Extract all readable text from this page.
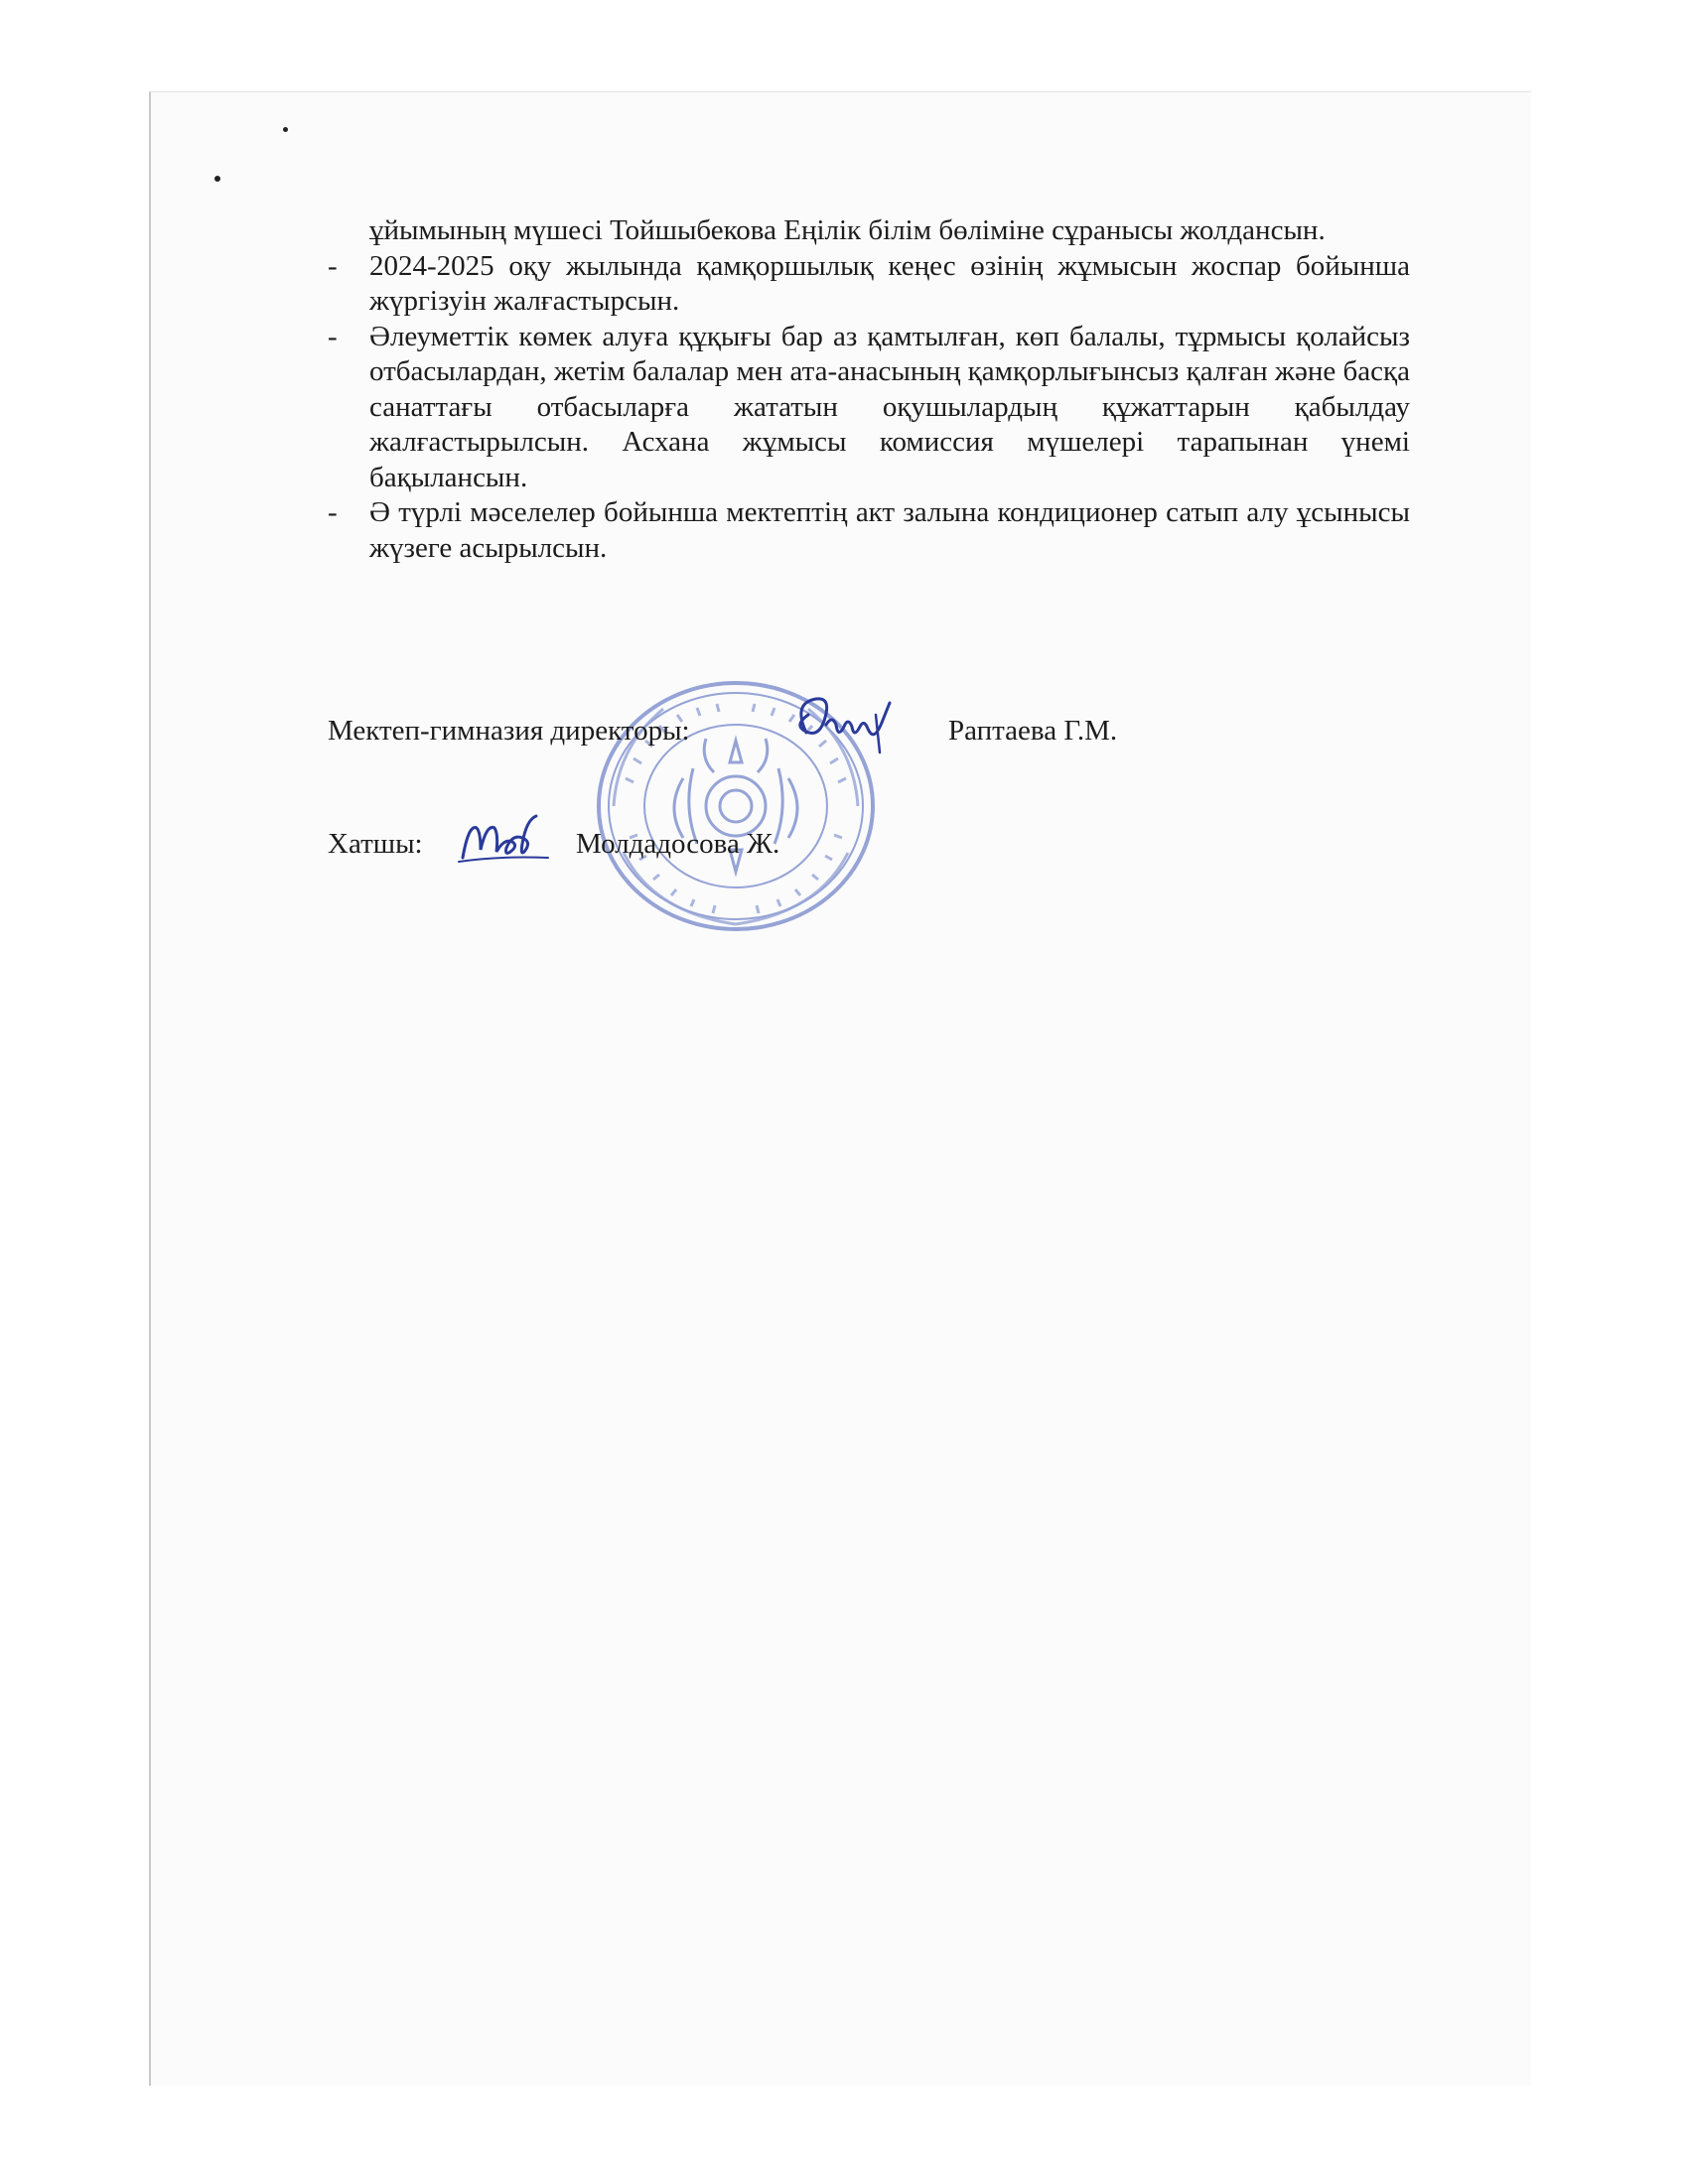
ұйымының мүшесі Тойшыбекова Еңілік білім бөліміне сұранысы жолдансын.

- 2024-2025 оқу жылында қамқоршылық кеңес өзінің жұмысын жоспар бойынша жүргізуін жалғастырсын.

- Әлеуметтік көмек алуға құқығы бар аз қамтылған, көп балалы, тұрмысы қолайсыз отбасылардан, жетім балалар мен ата-анасының қамқорлығынсыз қалған және басқа санаттағы отбасыларға жататын оқушылардың құжаттарын қабылдау жалғастырылсын. Асхана жұмысы комиссия мүшелері тарапынан үнемі бақылансын.

- Ә түрлі мәселелер бойынша мектептің акт залына кондиционер сатып алу ұсынысы жүзеге асырылсын.

Мектеп-гимназия директоры:	Раптаева Г.М.
Хатшы:	Молдадосова Ж.
